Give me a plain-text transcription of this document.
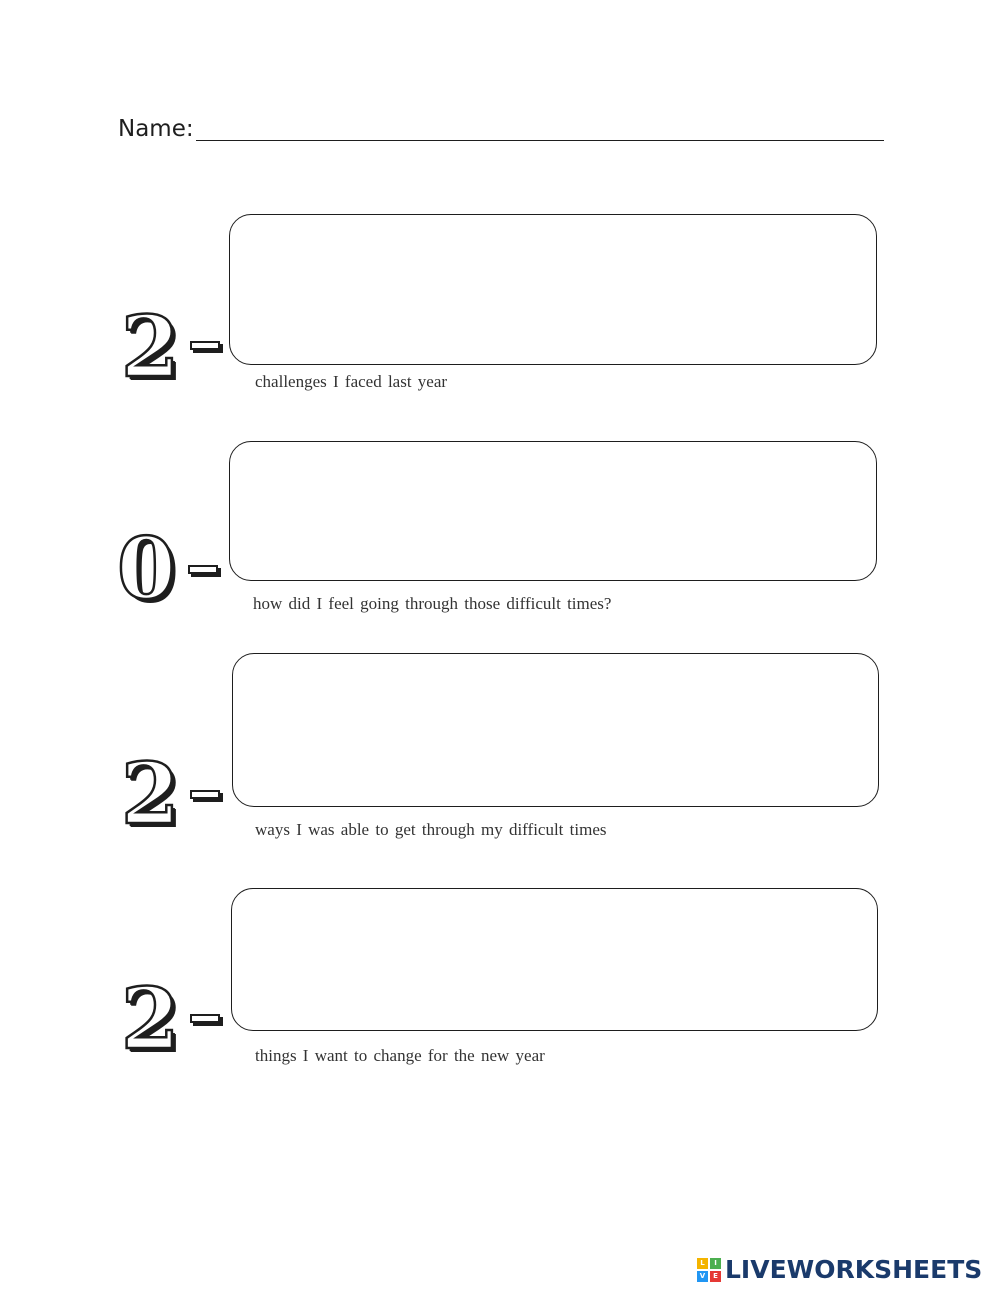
Name:
2	challenges I faced last year
0	how did I feel going through those difficult times?
2	ways I was able to get through my difficult times
2	things I want to change for the new year
L	I
V	E LIVEWORKSHEETS
